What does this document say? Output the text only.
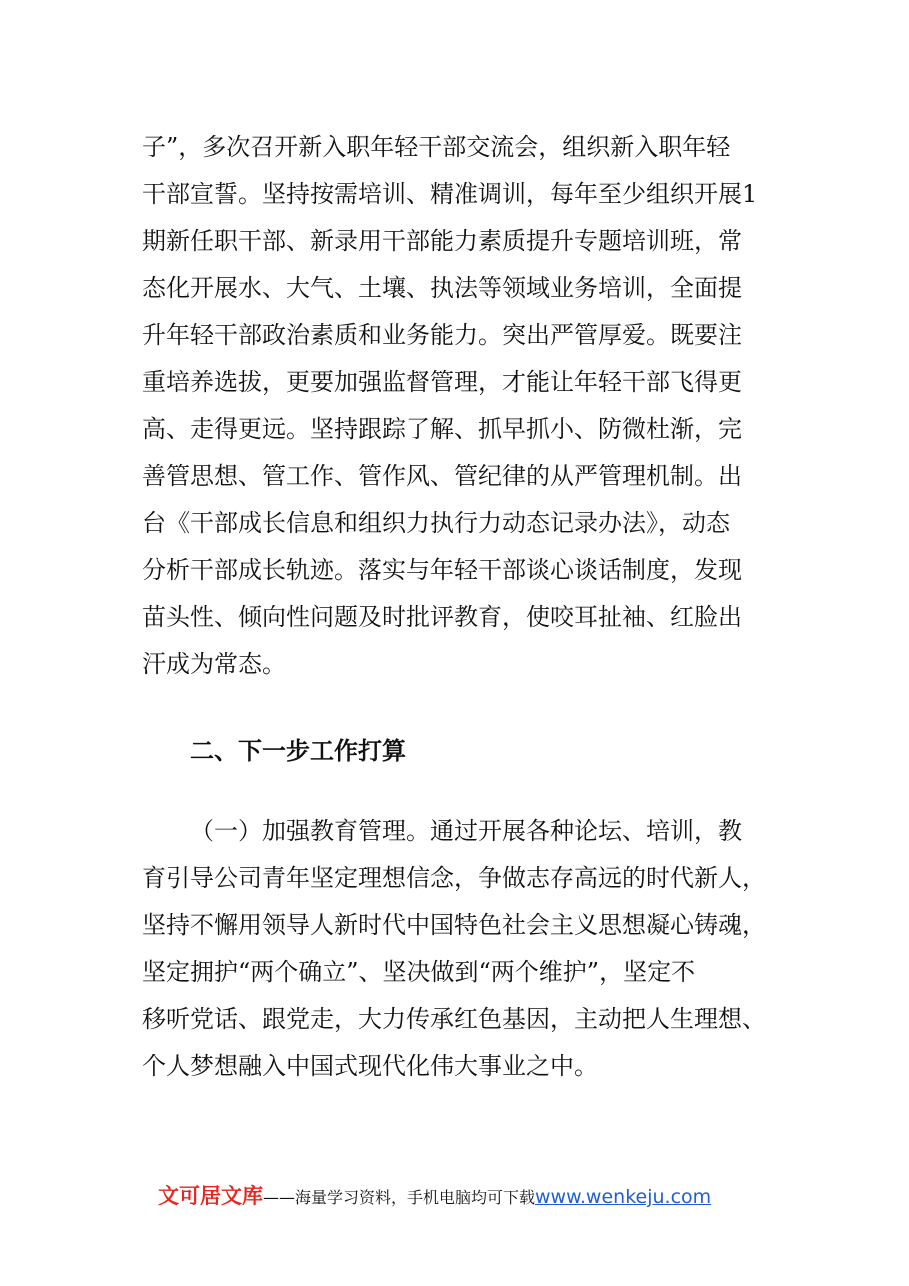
子”，多次召开新入职年轻干部交流会，组织新入职年轻
干部宣誓。坚持按需培训、精准调训，每年至少组织开展1
期新任职干部、新录用干部能力素质提升专题培训班，常
态化开展水、大气、土壤、执法等领域业务培训，全面提
升年轻干部政治素质和业务能力。突出严管厚爱。既要注
重培养选拔，更要加强监督管理，才能让年轻干部飞得更
高、走得更远。坚持跟踪了解、抓早抓小、防微杜渐，完
善管思想、管工作、管作风、管纪律的从严管理机制。出
台《干部成长信息和组织力执行力动态记录办法》，动态
分析干部成长轨迹。落实与年轻干部谈心谈话制度，发现
苗头性、倾向性问题及时批评教育，使咬耳扯袖、红脸出
汗成为常态。
二、下一步工作打算
（一）加强教育管理。通过开展各种论坛、培训，教
育引导公司青年坚定理想信念，争做志存高远的时代新人，
坚持不懈用领导人新时代中国特色社会主义思想凝心铸魂，
坚定拥护“两个确立”、坚决做到“两个维护”，坚定不
移听党话、跟党走，大力传承红色基因，主动把人生理想、
个人梦想融入中国式现代化伟大事业之中。
文可居文库——海量学习资料，手机电脑均可下载www.wenkeju.com
